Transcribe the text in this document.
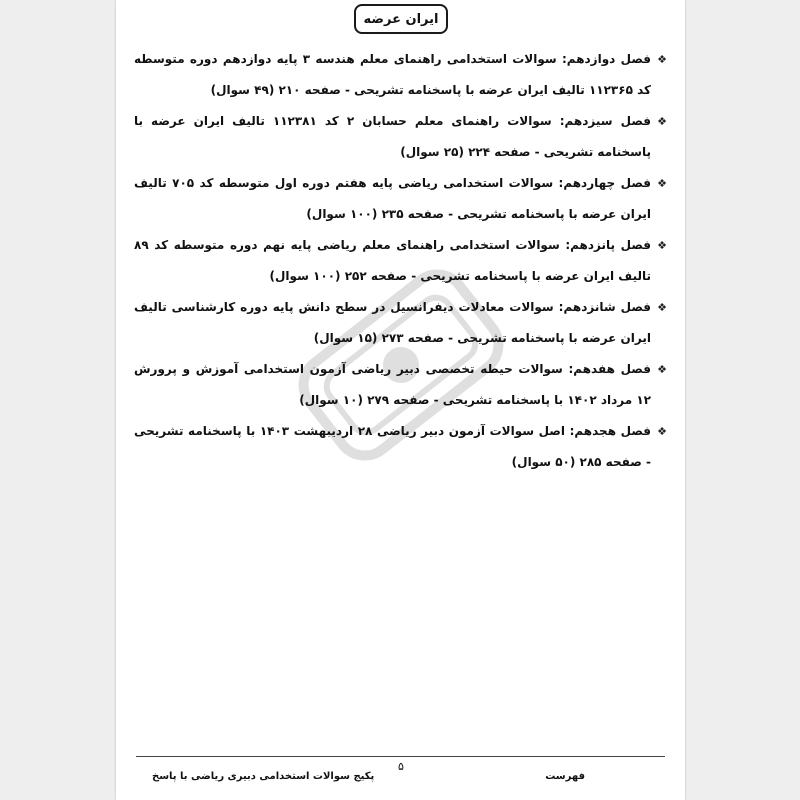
ایران عرضه
❖
فصل دوازدهم: سوالات استخدامی راهنمای معلم هندسه ۳ پایه دوازدهم دوره متوسطه کد ۱۱۲۳۶۵ تالیف ایران عرضه با پاسخنامه تشریحی - صفحه ۲۱۰ (۴۹ سوال)
❖
فصل سیزدهم: سوالات راهنمای معلم حسابان ۲ کد ۱۱۲۳۸۱ تالیف ایران عرضه با پاسخنامه تشریحی - صفحه ۲۲۴ (۲۵ سوال)
❖
فصل چهاردهم: سوالات استخدامی ریاضی پایه هفتم دوره اول متوسطه کد ۷۰۵ تالیف ایران عرضه با پاسخنامه تشریحی - صفحه ۲۳۵ (۱۰۰ سوال)
❖
فصل پانزدهم: سوالات استخدامی راهنمای معلم ریاضی پایه نهم دوره متوسطه کد ۸۹ تالیف ایران عرضه با پاسخنامه تشریحی - صفحه ۲۵۲ (۱۰۰ سوال)
❖
فصل شانزدهم: سوالات معادلات دیفرانسیل در سطح دانش پایه دوره کارشناسی تالیف ایران عرضه با پاسخنامه تشریحی - صفحه ۲۷۳ (۱۵ سوال)
❖
فصل هفدهم: سوالات حیطه تخصصی دبیر ریاضی آزمون استخدامی آموزش و پرورش ۱۲ مرداد ۱۴۰۲ با پاسخنامه تشریحی - صفحه ۲۷۹ (۱۰ سوال)
❖
فصل هجدهم: اصل سوالات آزمون دبیر ریاضی ۲۸ اردیبهشت ۱۴۰۳ با پاسخنامه تشریحی - صفحه ۲۸۵ (۵۰ سوال)
۵
پکیج سوالات استخدامی دبیری ریاضی با پاسخ	فهرست
